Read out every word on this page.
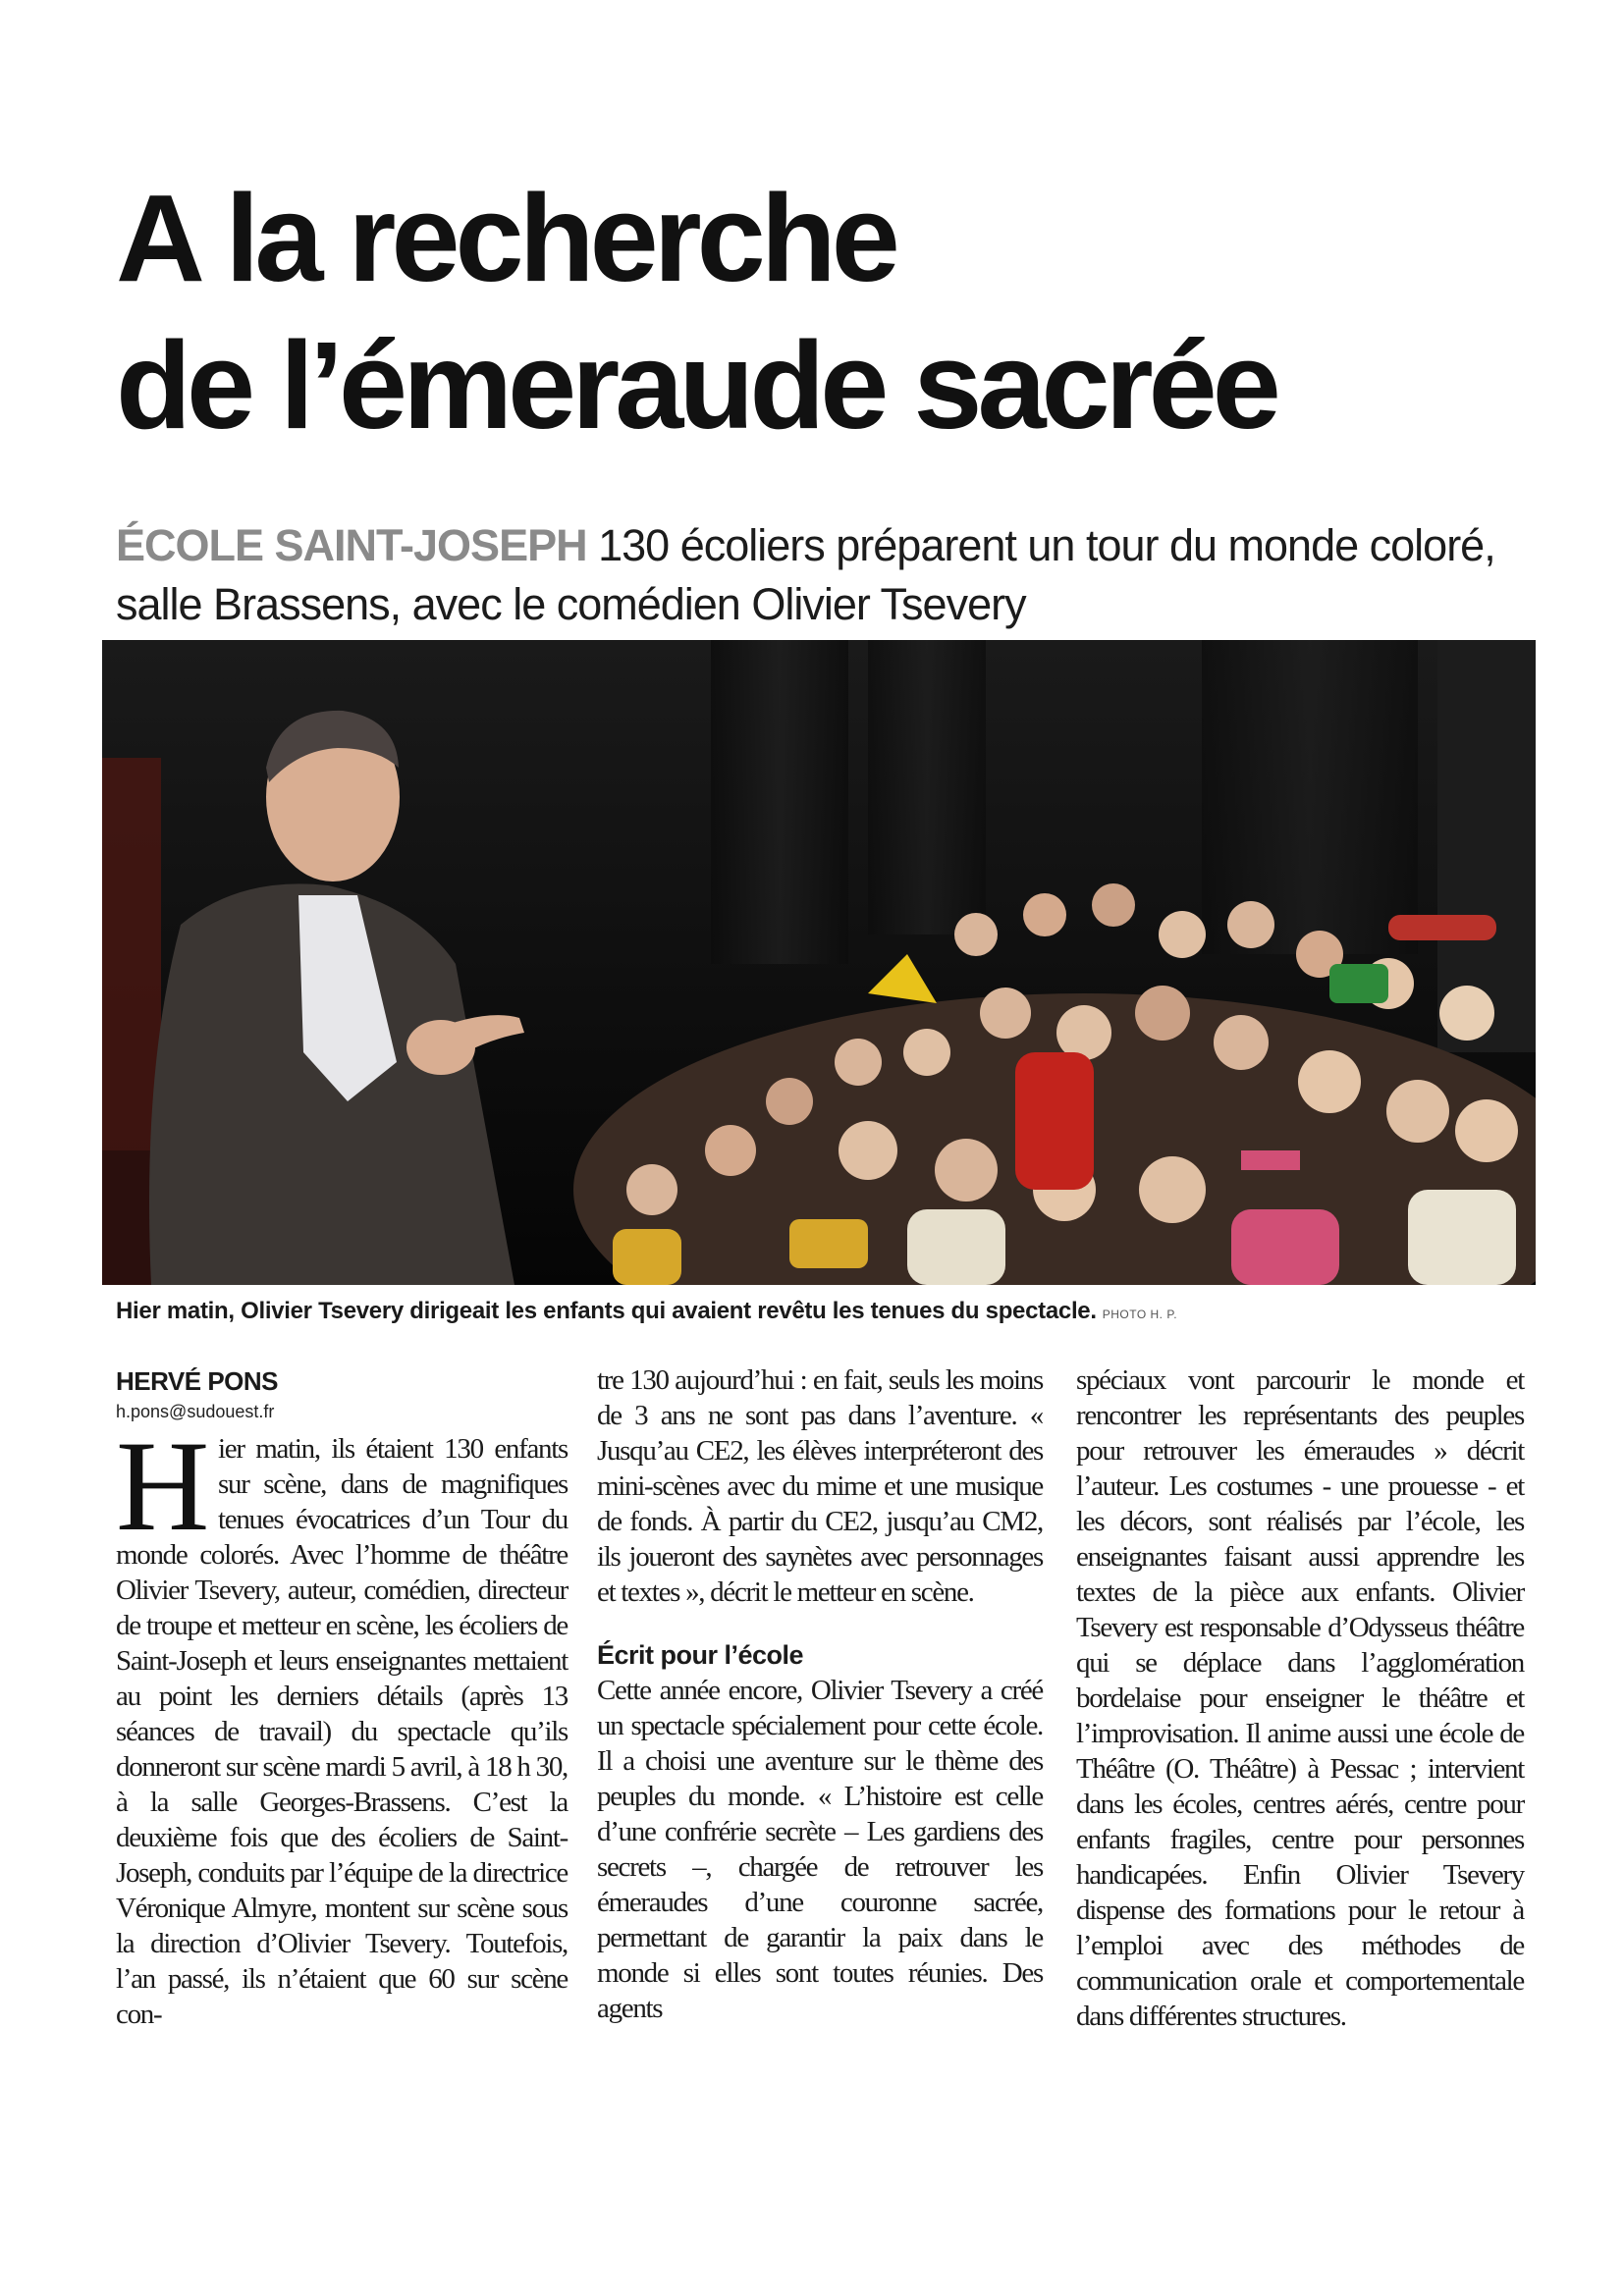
A la recherche
de l’émeraude sacrée
ÉCOLE SAINT-JOSEPH 130 écoliers préparent un tour du monde coloré, salle Brassens, avec le comédien Olivier Tsevery
Hier matin, Olivier Tsevery dirigeait les enfants qui avaient revêtu les tenues du spectacle. PHOTO H. P.
HERVÉ PONS
h.pons@sudouest.fr
H ier matin, ils étaient 130 enfants sur scène, dans de magnifiques tenues évocatrices d’un Tour du monde colorés. Avec l’homme de théâtre Olivier Tsevery, auteur, comédien, directeur de troupe et metteur en scène, les écoliers de Saint-Joseph et leurs enseignantes mettaient au point les derniers détails (après 13 séances de travail) du spectacle qu’ils donneront sur scène mardi 5 avril, à 18 h 30, à la salle Georges-Brassens. C’est la deuxième fois que des écoliers de Saint-Joseph, conduits par l’équipe de la directrice Véronique Almyre, montent sur scène sous la direction d’Olivier Tsevery. Toutefois, l’an passé, ils n’étaient que 60 sur scène con-

tre 130 aujourd’hui : en fait, seuls les moins de 3 ans ne sont pas dans l’aventure. « Jusqu’au CE2, les élèves interpréteront des mini-scènes avec du mime et une musique de fonds. À partir du CE2, jusqu’au CM2, ils joueront des saynètes avec personnages et textes », décrit le metteur en scène.

Écrit pour l’école

Cette année encore, Olivier Tsevery a créé un spectacle spécialement pour cette école. Il a choisi une aventure sur le thème des peuples du monde. « L’histoire est celle d’une confrérie secrète – Les gardiens des secrets –, chargée de retrouver les émeraudes d’une couronne sacrée, permettant de garantir la paix dans le monde si elles sont toutes réunies. Des agents

spéciaux vont parcourir le monde et rencontrer les représentants des peuples pour retrouver les émeraudes » décrit l’auteur. Les costumes - une prouesse - et les décors, sont réalisés par l’école, les enseignantes faisant aussi apprendre les textes de la pièce aux enfants. Olivier Tsevery est responsable d’Odysseus théâtre qui se déplace dans l’agglomération bordelaise pour enseigner le théâtre et l’improvisation. Il anime aussi une école de Théâtre (O. Théâtre) à Pessac ; intervient dans les écoles, centres aérés, centre pour enfants fragiles, centre pour personnes handicapées. Enfin Olivier Tsevery dispense des formations pour le retour à l’emploi avec des méthodes de communication orale et comportementale dans différentes structures.
